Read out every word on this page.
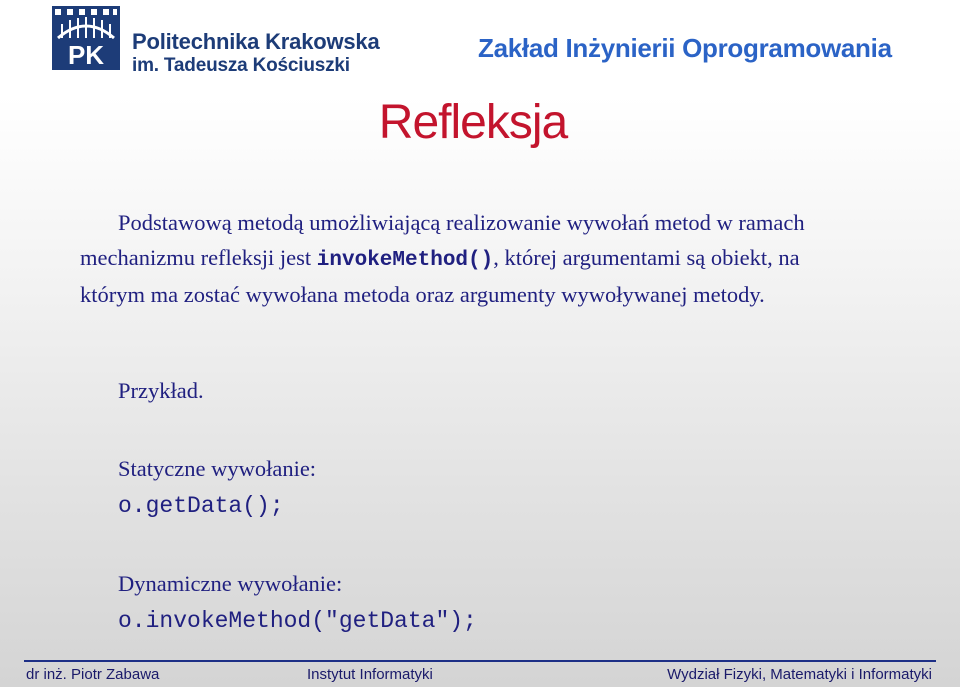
PK Politechnika Krakowska
im. Tadeusza Kościuszki
Zakład Inżynierii Oprogramowania
Refleksja

Podstawową metodą umożliwiającą realizowanie wywołań metod w ramach mechanizmu refleksji jest invokeMethod(), której argumentami są obiekt, na którym ma zostać wywołana metoda oraz argumenty wywoływanej metody.

Przykład.
Statyczne wywołanie:
o.getData();
Dynamiczne wywołanie:
o.invokeMethod("getData");
dr inż. Piotr Zabawa	Instytut Informatyki	Wydział Fizyki, Matematyki i Informatyki
